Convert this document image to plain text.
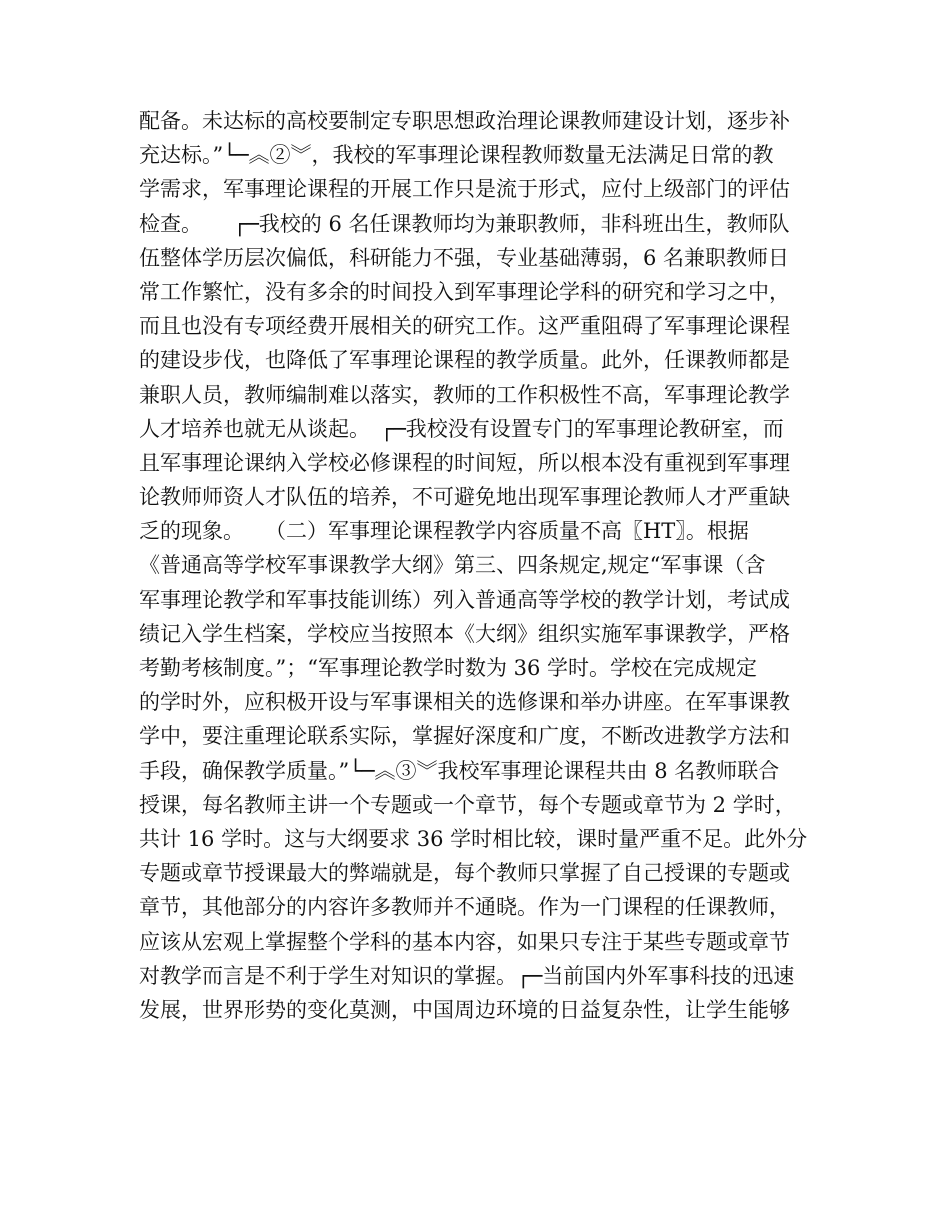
配备。未达标的高校要制定专职思想政治理论课教师建设计划，逐步补
充达标。”└─︽②︾，我校的军事理论课程教师数量无法满足日常的教
学需求，军事理论课程的开展工作只是流于形式，应付上级部门的评估
检查。　　┌─我校的 6 名任课教师均为兼职教师，非科班出生，教师队
伍整体学历层次偏低，科研能力不强，专业基础薄弱，6 名兼职教师日
常工作繁忙，没有多余的时间投入到军事理论学科的研究和学习之中，
而且也没有专项经费开展相关的研究工作。这严重阻碍了军事理论课程
的建设步伐，也降低了军事理论课程的教学质量。此外，任课教师都是
兼职人员，教师编制难以落实，教师的工作积极性不高，军事理论教学
人才培养也就无从谈起。　┌─我校没有设置专门的军事理论教研室，而
且军事理论课纳入学校必修课程的时间短，所以根本没有重视到军事理
论教师师资人才队伍的培养，不可避免地出现军事理论教师人才严重缺
乏的现象。　　（二）军事理论课程教学内容质量不高〖HT〗。根据
《普通高等学校军事课教学大纲》第三、四条规定,规定“军事课（含
军事理论教学和军事技能训练）列入普通高等学校的教学计划，考试成
绩记入学生档案，学校应当按照本《大纲》组织实施军事课教学，严格
考勤考核制度。”；“军事理论教学时数为 36 学时。学校在完成规定
的学时外，应积极开设与军事课相关的选修课和举办讲座。在军事课教
学中，要注重理论联系实际，掌握好深度和广度，不断改进教学方法和
手段，确保教学质量。”└─︽③︾我校军事理论课程共由 8 名教师联合
授课，每名教师主讲一个专题或一个章节，每个专题或章节为 2 学时，
共计 16 学时。这与大纲要求 36 学时相比较，课时量严重不足。此外分
专题或章节授课最大的弊端就是，每个教师只掌握了自己授课的专题或
章节，其他部分的内容许多教师并不通晓。作为一门课程的任课教师，
应该从宏观上掌握整个学科的基本内容，如果只专注于某些专题或章节
对教学而言是不利于学生对知识的掌握。┌─当前国内外军事科技的迅速
发展，世界形势的变化莫测，中国周边环境的日益复杂性，让学生能够
